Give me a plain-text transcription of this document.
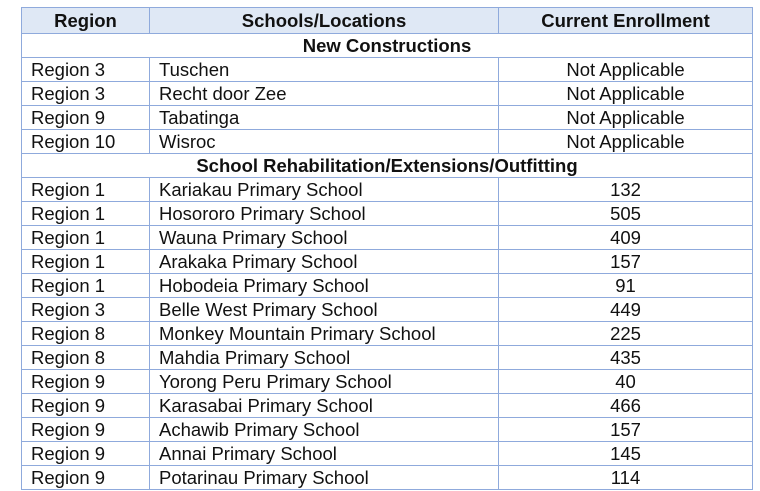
Region	Schools/Locations	Current Enrollment
New Constructions		
Region 3	Tuschen	Not Applicable
Region 3	Recht door Zee	Not Applicable
Region 9	Tabatinga	Not Applicable
Region 10	Wisroc	Not Applicable
School Rehabilitation/Extensions/Outfitting		
Region 1	Kariakau Primary School	132
Region 1	Hosororo Primary School	505
Region 1	Wauna Primary School	409
Region 1	Arakaka Primary School	157
Region 1	Hobodeia Primary School	91
Region 3	Belle West Primary School	449
Region 8	Monkey Mountain Primary School	225
Region 8	Mahdia Primary School	435
Region 9	Yorong Peru Primary School	40
Region 9	Karasabai Primary School	466
Region 9	Achawib Primary School	157
Region 9	Annai Primary School	145
Region 9	Potarinau Primary School	114
